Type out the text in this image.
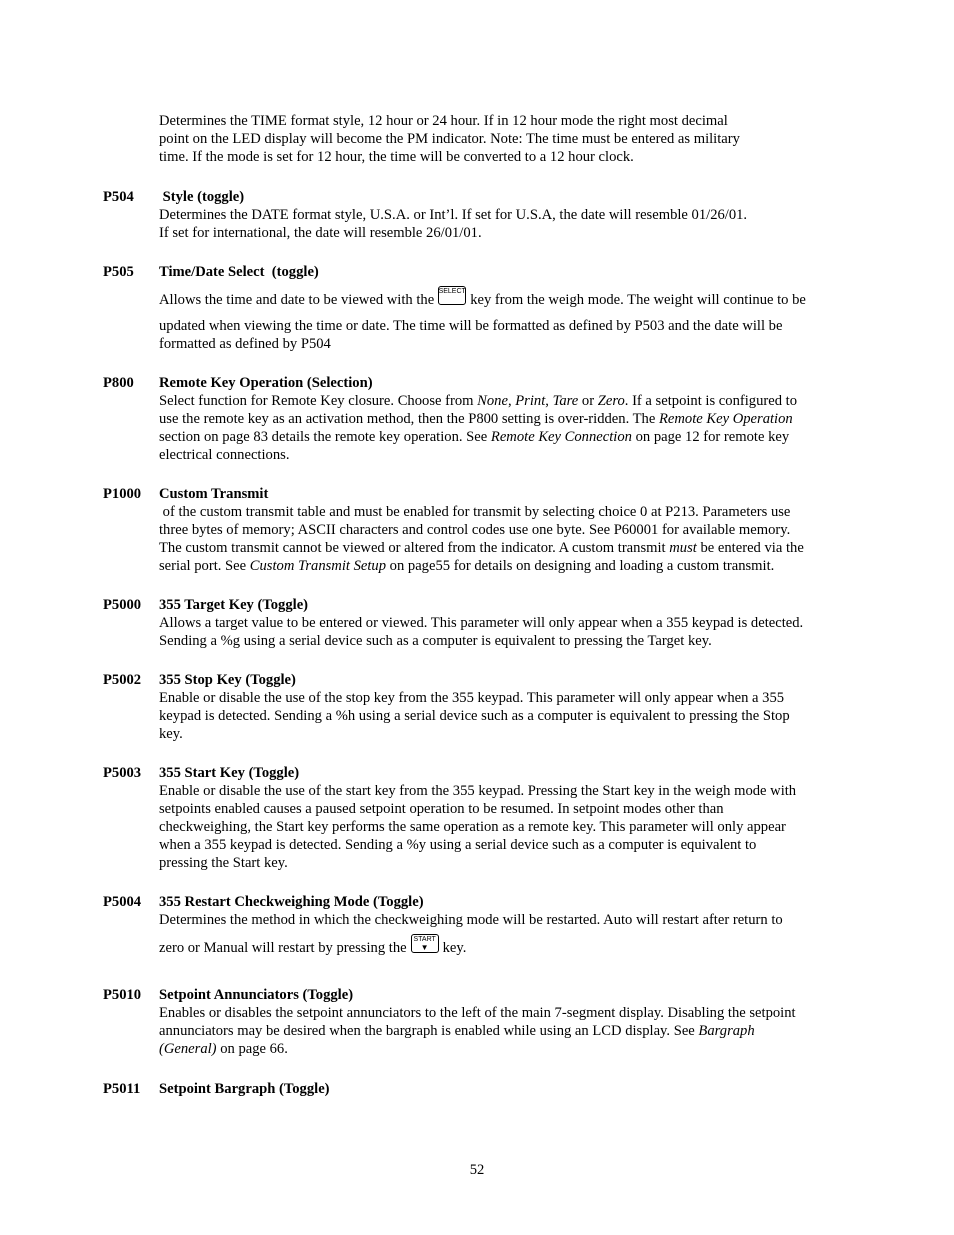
Determines the TIME format style, 12 hour or 24 hour. If in 12 hour mode the right most decimal
point on the LED display will become the PM indicator. Note: The time must be entered as military
time. If the mode is set for 12 hour, the time will be converted to a 12 hour clock.
P504	Style (toggle)
Determines the DATE format style, U.S.A. or Int’l. If set for U.S.A, the date will resemble 01/26/01.
If set for international, the date will resemble 26/01/01.
P505	Time/Date Select  (toggle)
Allows the time and date to be viewed with the
SELECT
key from the weigh mode. The weight will continue to be
updated when viewing the time or date. The time will be formatted as defined by P503 and the date will be
formatted as defined by P504
P800	Remote Key Operation (Selection)
Select function for Remote Key closure. Choose from None, Print, Tare or Zero. If a setpoint is configured to
use the remote key as an activation method, then the P800 setting is over-ridden. The Remote Key Operation
section on page 83 details the remote key operation. See Remote Key Connection on page 12 for remote key
electrical connections.
P1000	Custom Transmit
of the custom transmit table and must be enabled for transmit by selecting choice 0 at P213. Parameters use
three bytes of memory; ASCII characters and control codes use one byte. See P60001 for available memory.
The custom transmit cannot be viewed or altered from the indicator. A custom transmit must be entered via the
serial port. See Custom Transmit Setup on page55 for details on designing and loading a custom transmit.
P5000	355 Target Key (Toggle)
Allows a target value to be entered or viewed. This parameter will only appear when a 355 keypad is detected.
Sending a %g using a serial device such as a computer is equivalent to pressing the Target key.
P5002	355 Stop Key (Toggle)
Enable or disable the use of the stop key from the 355 keypad. This parameter will only appear when a 355
keypad is detected. Sending a %h using a serial device such as a computer is equivalent to pressing the Stop
key.
P5003	355 Start Key (Toggle)
Enable or disable the use of the start key from the 355 keypad. Pressing the Start key in the weigh mode with
setpoints enabled causes a paused setpoint operation to be resumed. In setpoint modes other than
checkweighing, the Start key performs the same operation as a remote key. This parameter will only appear
when a 355 keypad is detected. Sending a %y using a serial device such as a computer is equivalent to
pressing the Start key.
P5004	355 Restart Checkweighing Mode (Toggle)
Determines the method in which the checkweighing mode will be restarted. Auto will restart after return to
zero or Manual will restart by pressing the
START
▼ key.
P5010	Setpoint Annunciators (Toggle)
Enables or disables the setpoint annunciators to the left of the main 7-segment display. Disabling the setpoint
annunciators may be desired when the bargraph is enabled while using an LCD display. See Bargraph
(General) on page 66.
P5011	Setpoint Bargraph (Toggle)
52
